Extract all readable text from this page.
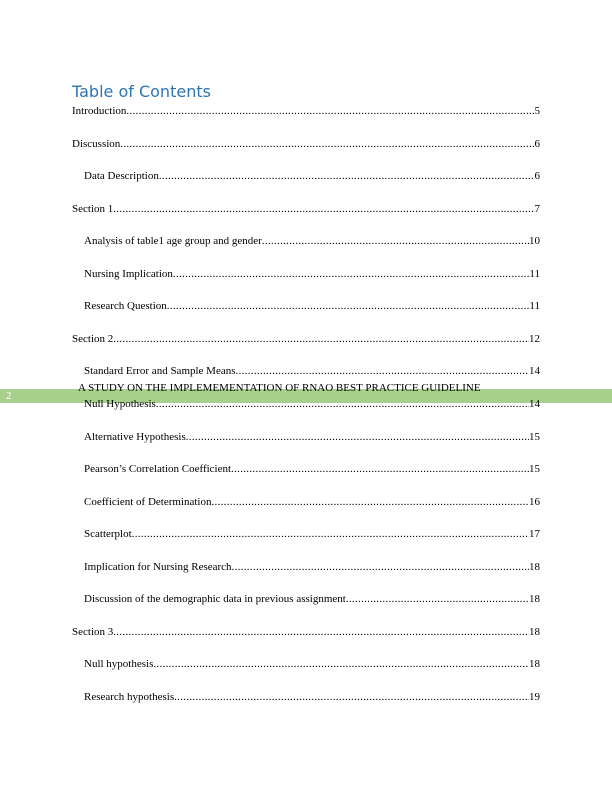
Table of Contents
2
A STUDY ON THE IMPLEMEMENTATION OF RNAO BEST PRACTICE GUIDELINE
Introduction .....	5
Discussion .....	6
Data Description .....	6
Section 1 .....	7
Analysis of table1 age group and gender .....	10
Nursing Implication .....	11
Research Question .....	11
Section 2 .....	12
Standard Error and Sample Means .....	14
Null Hypothesis .....	14
Alternative Hypothesis .....	15
Pearson’s Correlation Coefficient .....	15
Coefficient of Determination .....	16
Scatterplot .....	17
Implication for Nursing Research .....	18
Discussion of the demographic data in previous assignment .....	18
Section 3 .....	18
Null hypothesis .....	18
Research hypothesis .....	19
